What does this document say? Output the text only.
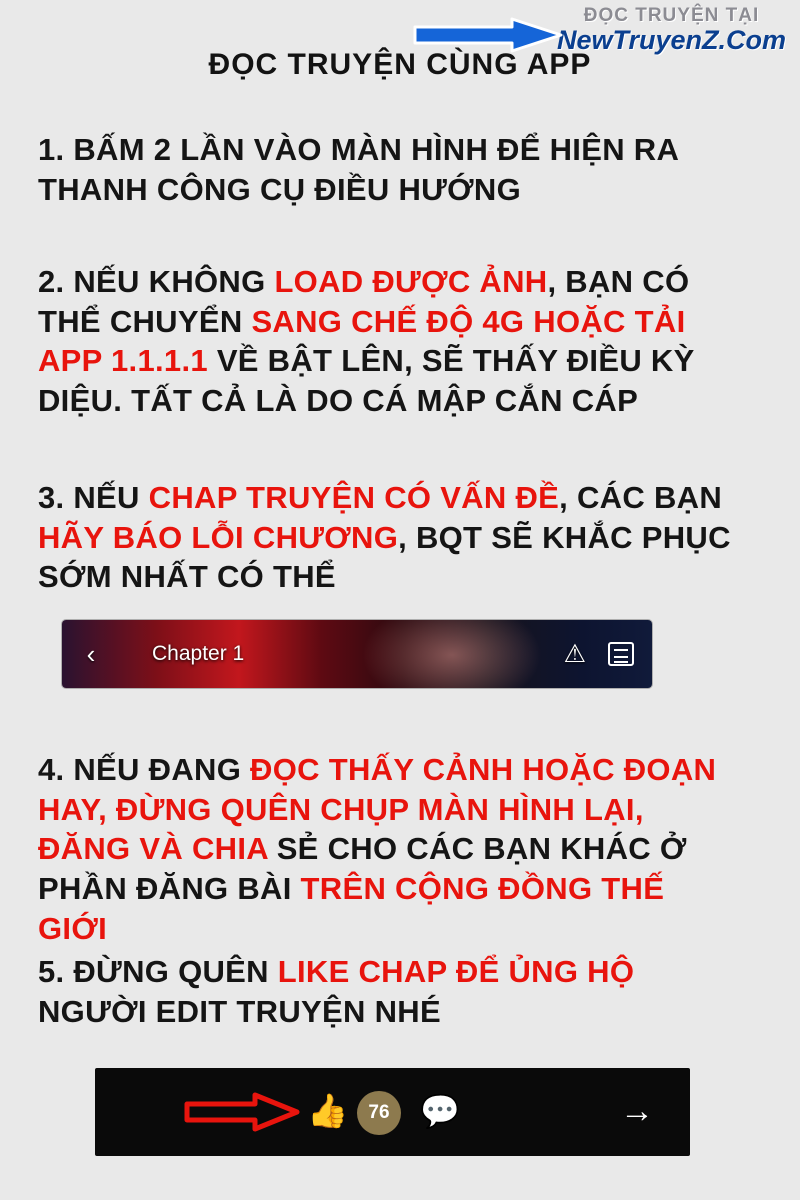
ĐỌC TRUYỆN TẠI
NewTruyenZ.Com
ĐỌC TRUYỆN CÙNG APP
1. BẤM 2 LẦN VÀO MÀN HÌNH ĐỂ HIỆN RA THANH CÔNG CỤ ĐIỀU HƯỚNG
2. NẾU KHÔNG LOAD ĐƯỢC ẢNH, BẠN CÓ THỂ CHUYỂN SANG CHẾ ĐỘ 4G HOẶC TẢI APP 1.1.1.1 VỀ BẬT LÊN, SẼ THẤY ĐIỀU KỲ DIỆU. TẤT CẢ LÀ DO CÁ MẬP CẮN CÁP
3. NẾU CHAP TRUYỆN CÓ VẤN ĐỀ, CÁC BẠN HÃY BÁO LỖI CHƯƠNG, BQT SẼ KHẮC PHỤC SỚM NHẤT CÓ THỂ
‹	Chapter 1	⚠
4. NẾU ĐANG ĐỌC THẤY CẢNH HOẶC ĐOẠN HAY, ĐỪNG QUÊN CHỤP MÀN HÌNH LẠI, ĐĂNG VÀ CHIA SẺ CHO CÁC BẠN KHÁC Ở PHẦN ĐĂNG BÀI TRÊN CỘNG ĐỒNG THẾ GIỚI
5. ĐỪNG QUÊN LIKE CHAP ĐỂ ỦNG HỘ NGƯỜI EDIT TRUYỆN NHÉ
👍	76 💬	→
